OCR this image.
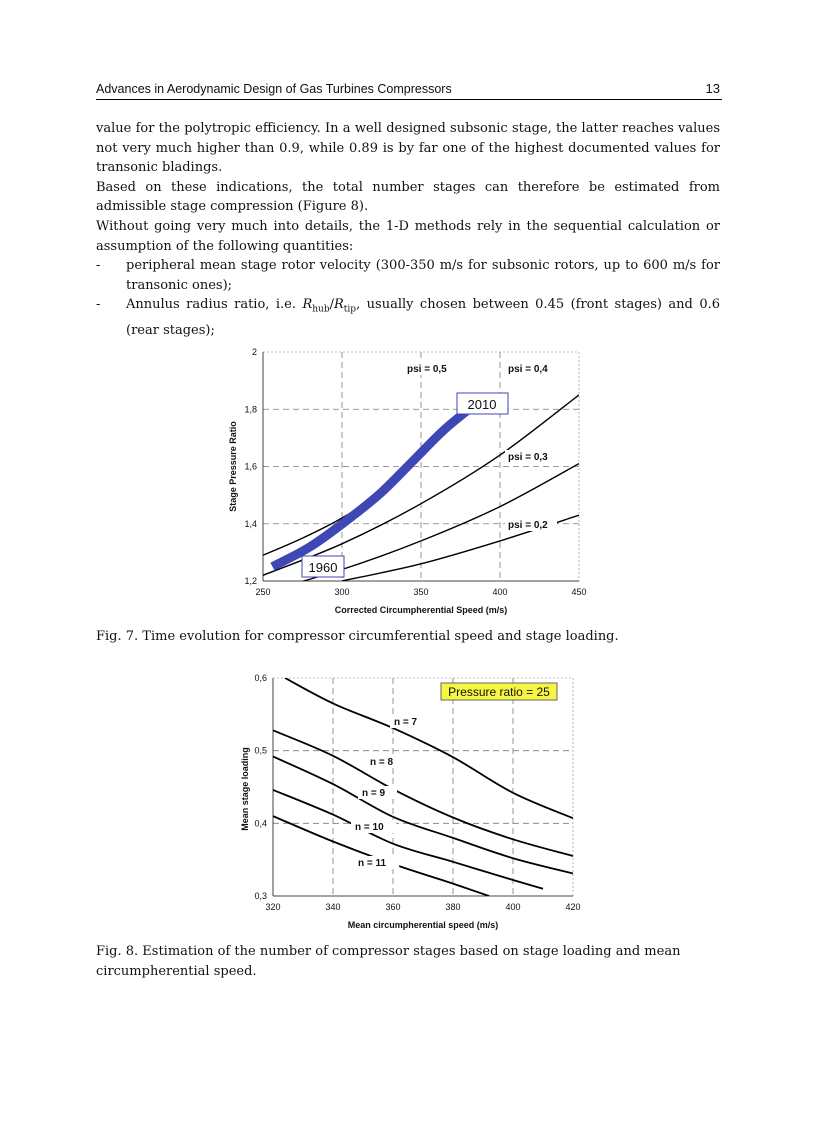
Advances in Aerodynamic Design of Gas Turbines Compressors	13

value for the polytropic efficiency. In a well designed subsonic stage, the latter reaches values not very much higher than 0.9, while 0.89 is by far one of the highest documented values for transonic bladings.

Based on these indications, the total number stages can therefore be estimated from admissible stage compression (Figure 8).

Without going very much into details, the 1-D methods rely in the sequential calculation or assumption of the following quantities:

- peripheral mean stage rotor velocity (300-350 m/s for subsonic rotors, up to 600 m/s for transonic ones);
- Annulus radius ratio, i.e. $R_{hub}/R_{tip}$, usually chosen between 0.45 (front stages) and 0.6 (rear stages);
250	300	350	400	450
1,2
1,4
1,6
1,8
2
psi = 0,5	psi = 0,4
psi = 0,3
psi = 0,2
1960
2010
Corrected Circumpherential Speed (m/s)
Stage Pressure Ratio
Fig. 7. Time evolution for compressor circumferential speed and stage loading.
320	340	360	380	400	420
0,3
0,4
0,5
0,6
n = 7
n = 8
n = 9
n = 10
n = 11
Pressure ratio = 25
Mean circumpherential speed (m/s)
Mean stage loading
Fig. 8. Estimation of the number of compressor stages based on stage loading and mean circumpherential speed.
